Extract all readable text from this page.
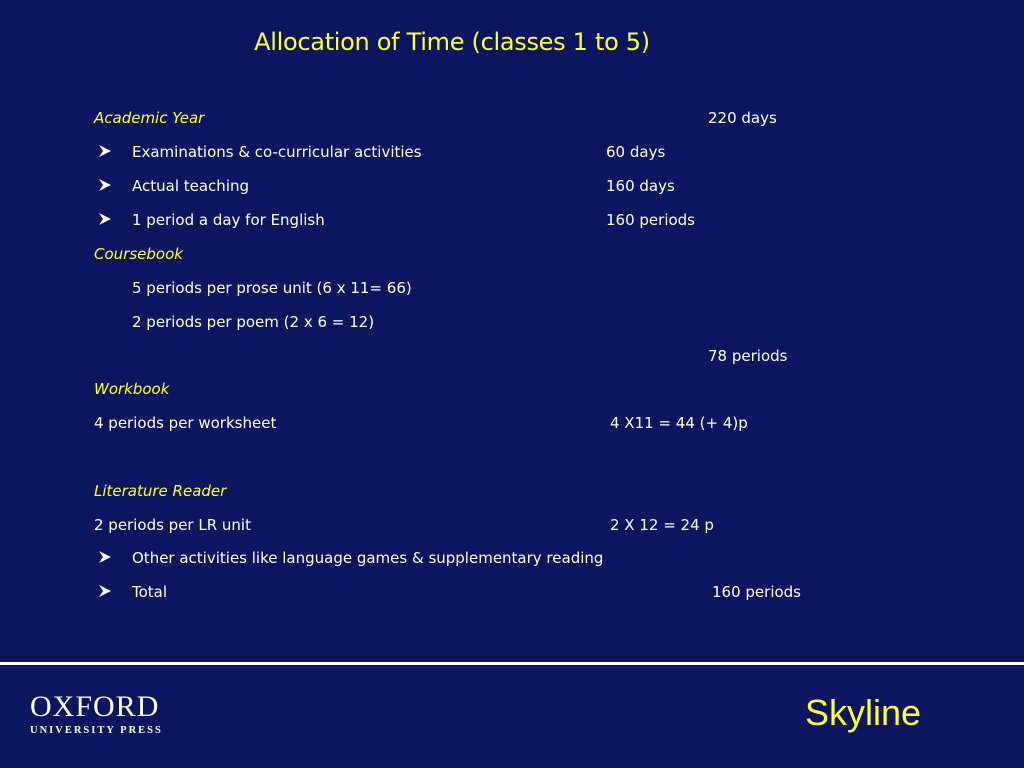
Allocation of Time (classes 1 to 5)
Academic Year	220 days
Examinations & co-curricular activities	60 days
Actual teaching	160 days
1 period a day for English	160 periods
Coursebook
5 periods per prose unit (6 x 11= 66)
2 periods per poem (2 x 6 = 12)
78 periods
Workbook
4 periods per worksheet	4 X11 = 44 (+ 4)p
Literature Reader
2 periods per LR unit	2 X 12 = 24 p
Other activities like language games & supplementary reading
Total	160 periods
OXFORD
UNIVERSITY PRESS	Skyline
